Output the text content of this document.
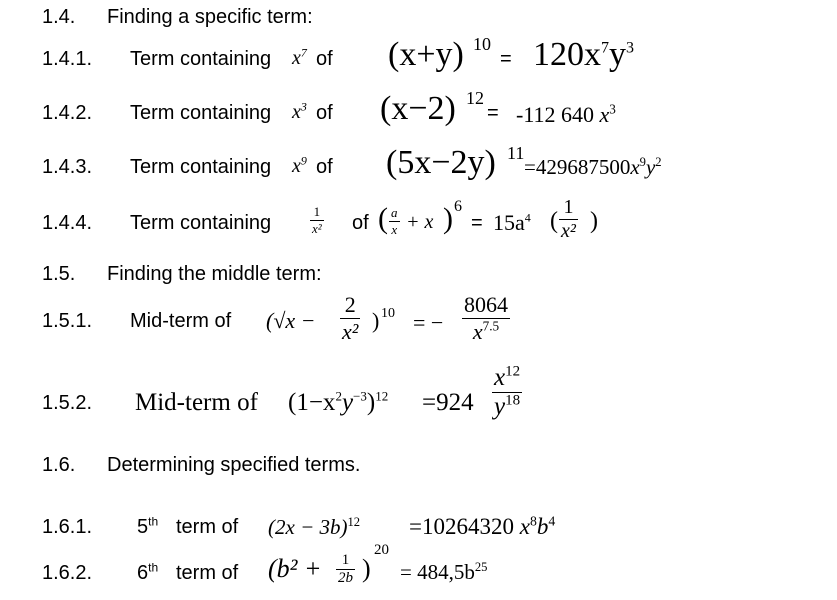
1.4. Finding a specific term:
1.4.1. Term containing $x^7$ of (x+y) 10
= $120x^7y^3$
1.4.2. Term containing $x^3$ of (x−2) 12
= -112 640 $x^3$
1.4.3. Term containing $x^9$ of (5x−2y) 11
$=429687500x^9y^2$
1.4.4. Term containing	$\frac{1}{\text{x²}}$ of ( $\frac{a}{x} + x$ ) 6
= $15a^4$ ( $\frac{1}{\text{x²}}$ )
1.5. Finding the middle term:
1.5.1. Mid-term of ($√x - \frac{2}{\text{x²}}$ ) 10 = − $\frac{8064}{x^{7.5}}$
1.5.2. Mid-term of $(1-x^2y^{-3})^{12} =924 \frac{x^{12}}{y^{18}}$
1.6. Determining specified terms.
1.6.1. 5th term of $(2x - 3b)^{12} =10264320$ $x^8b^4$
1.6.2. 6th term of ($b^2 + \frac{1}{2b}$ )
20
= $484,5b^{25}$
